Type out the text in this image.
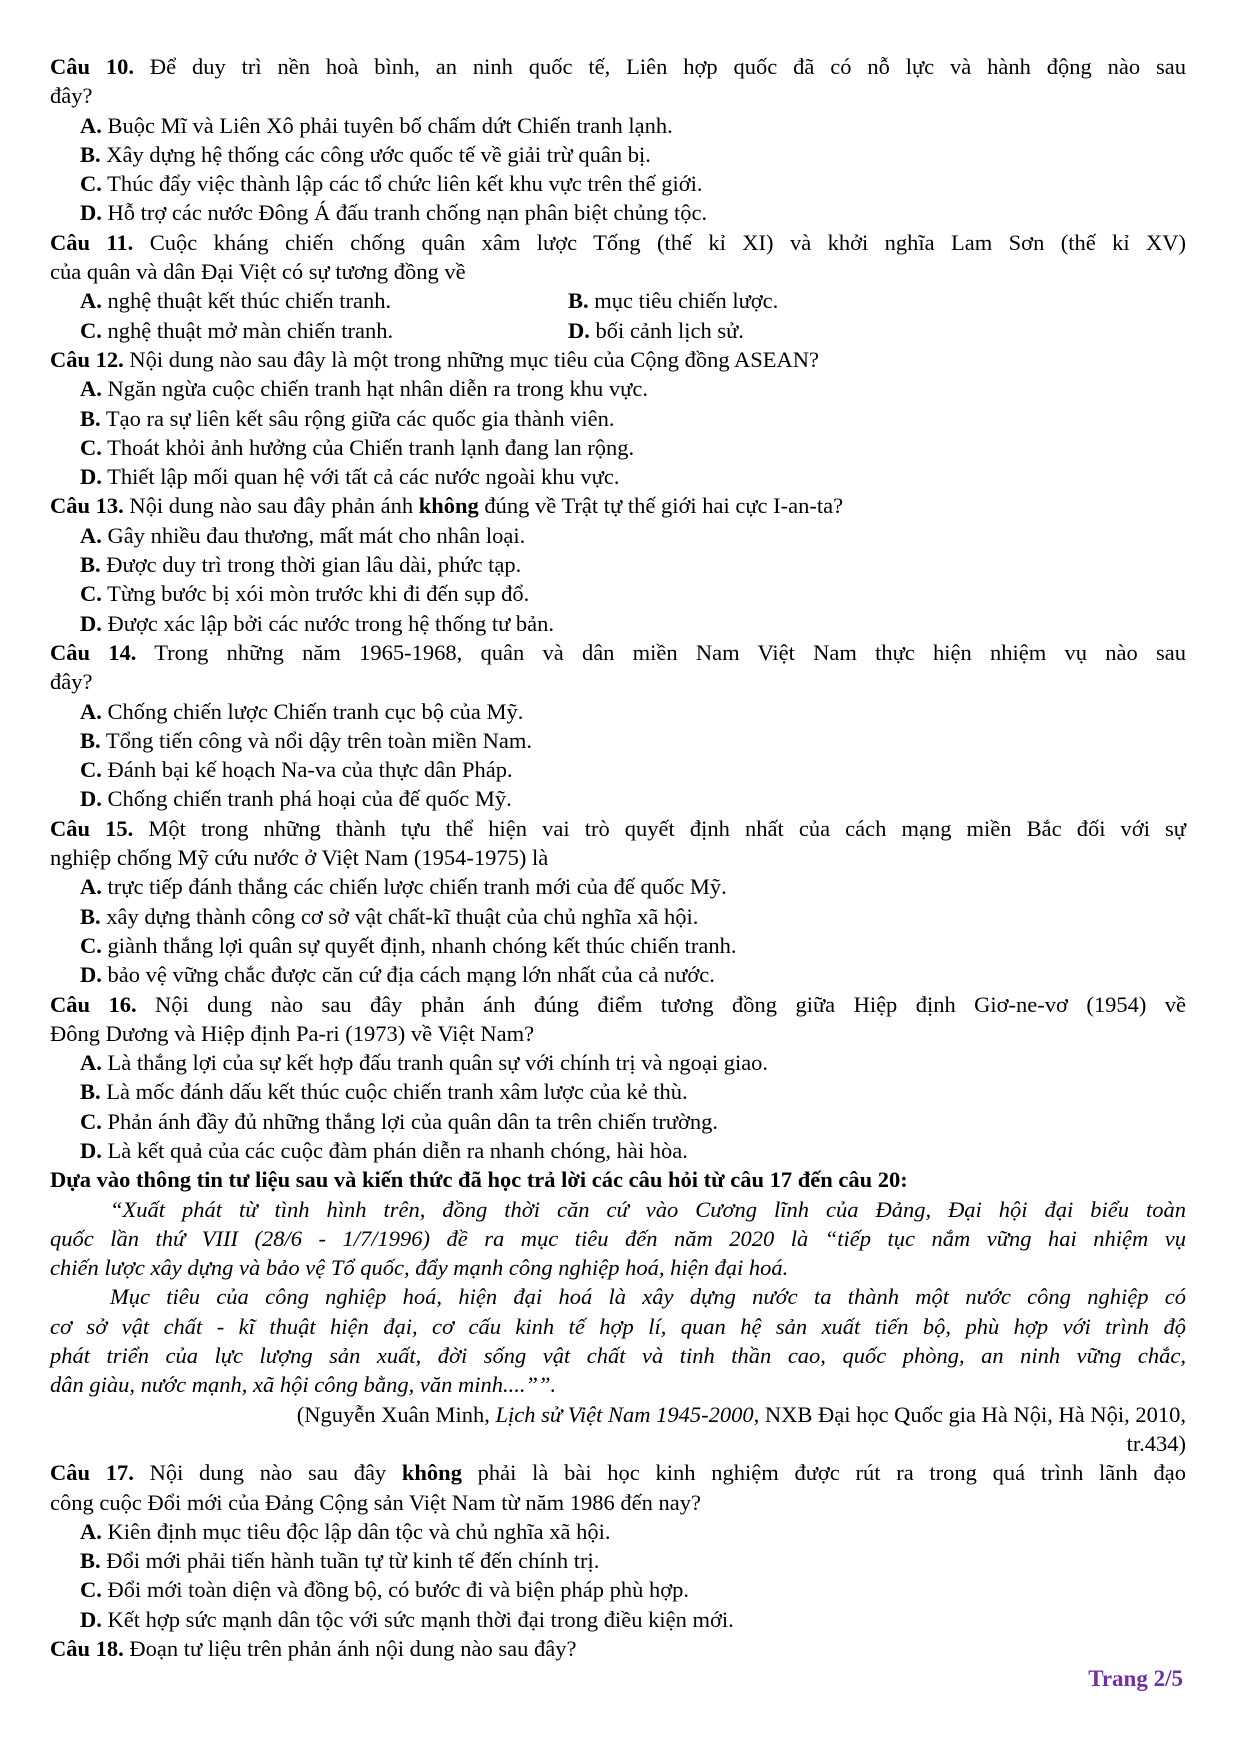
Câu 10. Để duy trì nền hoà bình, an ninh quốc tế, Liên hợp quốc đã có nỗ lực và hành động nào sau
đây?
A. Buộc Mĩ và Liên Xô phải tuyên bố chấm dứt Chiến tranh lạnh.
B. Xây dựng hệ thống các công ước quốc tế về giải trừ quân bị.
C. Thúc đẩy việc thành lập các tổ chức liên kết khu vực trên thế giới.
D. Hỗ trợ các nước Đông Á đấu tranh chống nạn phân biệt chủng tộc.
Câu 11. Cuộc kháng chiến chống quân xâm lược Tống (thế kỉ XI) và khởi nghĩa Lam Sơn (thế kỉ XV)
của quân và dân Đại Việt có sự tương đồng về
A. nghệ thuật kết thúc chiến tranh.	B. mục tiêu chiến lược.
C. nghệ thuật mở màn chiến tranh.	D. bối cảnh lịch sử.
Câu 12. Nội dung nào sau đây là một trong những mục tiêu của Cộng đồng ASEAN?
A. Ngăn ngừa cuộc chiến tranh hạt nhân diễn ra trong khu vực.
B. Tạo ra sự liên kết sâu rộng giữa các quốc gia thành viên.
C. Thoát khỏi ảnh hưởng của Chiến tranh lạnh đang lan rộng.
D. Thiết lập mối quan hệ với tất cả các nước ngoài khu vực.
Câu 13. Nội dung nào sau đây phản ánh không đúng về Trật tự thế giới hai cực I-an-ta?
A. Gây nhiều đau thương, mất mát cho nhân loại.
B. Được duy trì trong thời gian lâu dài, phức tạp.
C. Từng bước bị xói mòn trước khi đi đến sụp đổ.
D. Được xác lập bởi các nước trong hệ thống tư bản.
Câu 14. Trong những năm 1965-1968, quân và dân miền Nam Việt Nam thực hiện nhiệm vụ nào sau
đây?
A. Chống chiến lược Chiến tranh cục bộ của Mỹ.
B. Tổng tiến công và nổi dậy trên toàn miền Nam.
C. Đánh bại kế hoạch Na-va của thực dân Pháp.
D. Chống chiến tranh phá hoại của đế quốc Mỹ.
Câu 15. Một trong những thành tựu thể hiện vai trò quyết định nhất của cách mạng miền Bắc đối với sự
nghiệp chống Mỹ cứu nước ở Việt Nam (1954-1975) là
A. trực tiếp đánh thắng các chiến lược chiến tranh mới của đế quốc Mỹ.
B. xây dựng thành công cơ sở vật chất-kĩ thuật của chủ nghĩa xã hội.
C. giành thắng lợi quân sự quyết định, nhanh chóng kết thúc chiến tranh.
D. bảo vệ vững chắc được căn cứ địa cách mạng lớn nhất của cả nước.
Câu 16. Nội dung nào sau đây phản ánh đúng điểm tương đồng giữa Hiệp định Giơ-ne-vơ (1954) về
Đông Dương và Hiệp định Pa-ri (1973) về Việt Nam?
A. Là thắng lợi của sự kết hợp đấu tranh quân sự với chính trị và ngoại giao.
B. Là mốc đánh dấu kết thúc cuộc chiến tranh xâm lược của kẻ thù.
C. Phản ánh đầy đủ những thắng lợi của quân dân ta trên chiến trường.
D. Là kết quả của các cuộc đàm phán diễn ra nhanh chóng, hài hòa.
Dựa vào thông tin tư liệu sau và kiến thức đã học trả lời các câu hỏi từ câu 17 đến câu 20:
“Xuất phát từ tình hình trên, đồng thời căn cứ vào Cương lĩnh của Đảng, Đại hội đại biểu toàn
quốc lần thứ VIII (28/6 - 1/7/1996) đề ra mục tiêu đến năm 2020 là “tiếp tục nắm vững hai nhiệm vụ
chiến lược xây dựng và bảo vệ Tổ quốc, đẩy mạnh công nghiệp hoá, hiện đại hoá.
Mục tiêu của công nghiệp hoá, hiện đại hoá là xây dựng nước ta thành một nước công nghiệp có
cơ sở vật chất - kĩ thuật hiện đại, cơ cấu kinh tế hợp lí, quan hệ sản xuất tiến bộ, phù hợp với trình độ
phát triển của lực lượng sản xuất, đời sống vật chất và tinh thần cao, quốc phòng, an ninh vững chắc,
dân giàu, nước mạnh, xã hội công bằng, văn minh....””.
(Nguyễn Xuân Minh, Lịch sử Việt Nam 1945-2000, NXB Đại học Quốc gia Hà Nội, Hà Nội, 2010,
tr.434)
Câu 17. Nội dung nào sau đây không phải là bài học kinh nghiệm được rút ra trong quá trình lãnh đạo
công cuộc Đổi mới của Đảng Cộng sản Việt Nam từ năm 1986 đến nay?
A. Kiên định mục tiêu độc lập dân tộc và chủ nghĩa xã hội.
B. Đổi mới phải tiến hành tuần tự từ kinh tế đến chính trị.
C. Đổi mới toàn diện và đồng bộ, có bước đi và biện pháp phù hợp.
D. Kết hợp sức mạnh dân tộc với sức mạnh thời đại trong điều kiện mới.
Câu 18. Đoạn tư liệu trên phản ánh nội dung nào sau đây?
Trang 2/5
